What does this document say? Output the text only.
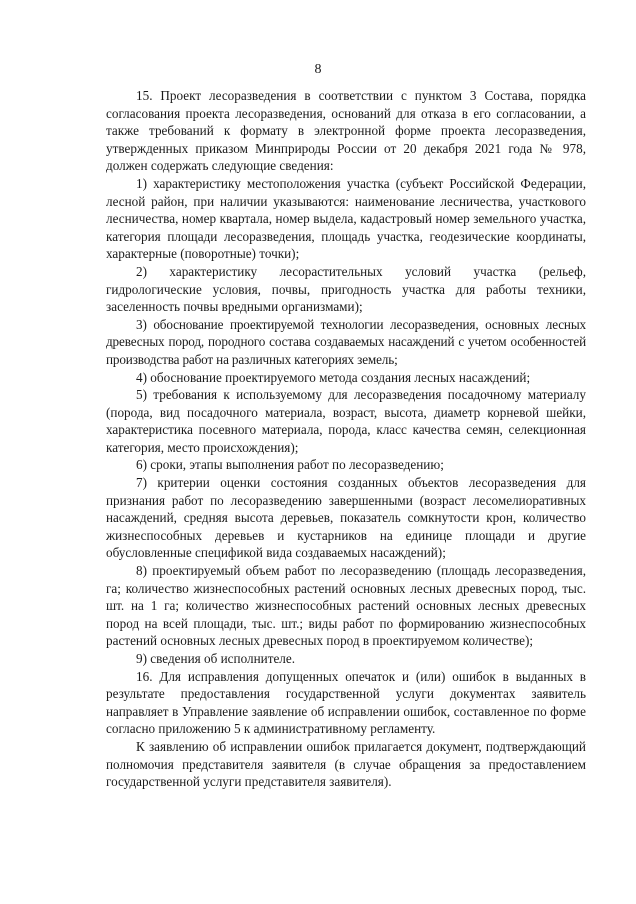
8

15. Проект лесоразведения в соответствии с пунктом 3 Состава, порядка согласования проекта лесоразведения, оснований для отказа в его согласовании, а также требований к формату в электронной форме проекта лесоразведения, утвержденных приказом Минприроды России от 20 декабря 2021 года № 978, должен содержать следующие сведения:

1) характеристику местоположения участка (субъект Российской Федерации, лесной район, при наличии указываются: наименование лесничества, участкового лесничества, номер квартала, номер выдела, кадастровый номер земельного участка, категория площади лесоразведения, площадь участка, геодезические координаты, характерные (поворотные) точки);

2) характеристику лесорастительных условий участка (рельеф, гидрологические условия, почвы, пригодность участка для работы техники, заселенность почвы вредными организмами);

3) обоснование проектируемой технологии лесоразведения, основных лесных древесных пород, породного состава создаваемых насаждений с учетом особенностей производства работ на различных категориях земель;

4) обоснование проектируемого метода создания лесных насаждений;

5) требования к используемому для лесоразведения посадочному материалу (порода, вид посадочного материала, возраст, высота, диаметр корневой шейки, характеристика посевного материала, порода, класс качества семян, селекционная категория, место происхождения);

6) сроки, этапы выполнения работ по лесоразведению;

7) критерии оценки состояния созданных объектов лесоразведения для признания работ по лесоразведению завершенными (возраст лесомелиоративных насаждений, средняя высота деревьев, показатель сомкнутости крон, количество жизнеспособных деревьев и кустарников на единице площади и другие обусловленные спецификой вида создаваемых насаждений);

8) проектируемый объем работ по лесоразведению (площадь лесоразведения, га; количество жизнеспособных растений основных лесных древесных пород, тыс. шт. на 1 га; количество жизнеспособных растений основных лесных древесных пород на всей площади, тыс. шт.; виды работ по формированию жизнеспособных растений основных лесных древесных пород в проектируемом количестве);

9) сведения об исполнителе.

16. Для исправления допущенных опечаток и (или) ошибок в выданных в результате предоставления государственной услуги документах заявитель направляет в Управление заявление об исправлении ошибок, составленное по форме согласно приложению 5 к административному регламенту.

К заявлению об исправлении ошибок прилагается документ, подтверждающий полномочия представителя заявителя (в случае обращения за предоставлением государственной услуги представителя заявителя).
